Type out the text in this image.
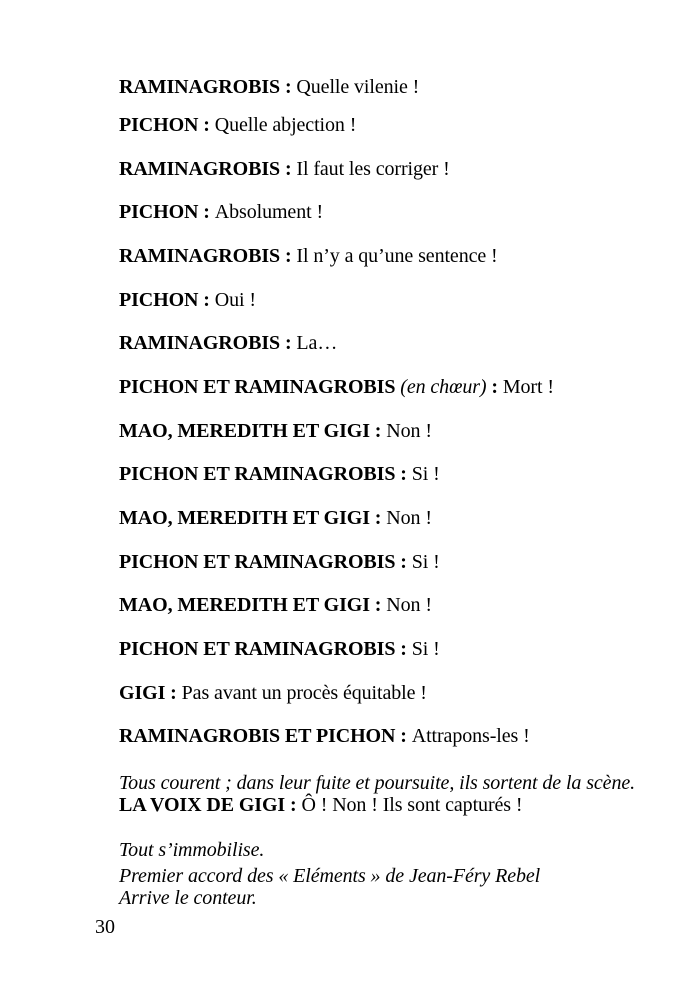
RAMINAGROBIS : Quelle vilenie !
PICHON : Quelle abjection !
RAMINAGROBIS : Il faut les corriger !
PICHON : Absolument !
RAMINAGROBIS : Il n’y a qu’une sentence !
PICHON : Oui !
RAMINAGROBIS : La…
PICHON ET RAMINAGROBIS (en chœur) : Mort !
MAO, MEREDITH ET GIGI : Non !
PICHON ET RAMINAGROBIS : Si !
MAO, MEREDITH ET GIGI : Non !
PICHON ET RAMINAGROBIS : Si !
MAO, MEREDITH ET GIGI : Non !
PICHON ET RAMINAGROBIS : Si !
GIGI : Pas avant un procès équitable !
RAMINAGROBIS ET PICHON : Attrapons-les !
Tous courent ; dans leur fuite et poursuite, ils sortent de la scène.
LA VOIX DE GIGI : Ô ! Non ! Ils sont capturés !
Tout s’immobilise.
Premier accord des « Eléments » de Jean-Féry Rebel
Arrive le conteur.
30
